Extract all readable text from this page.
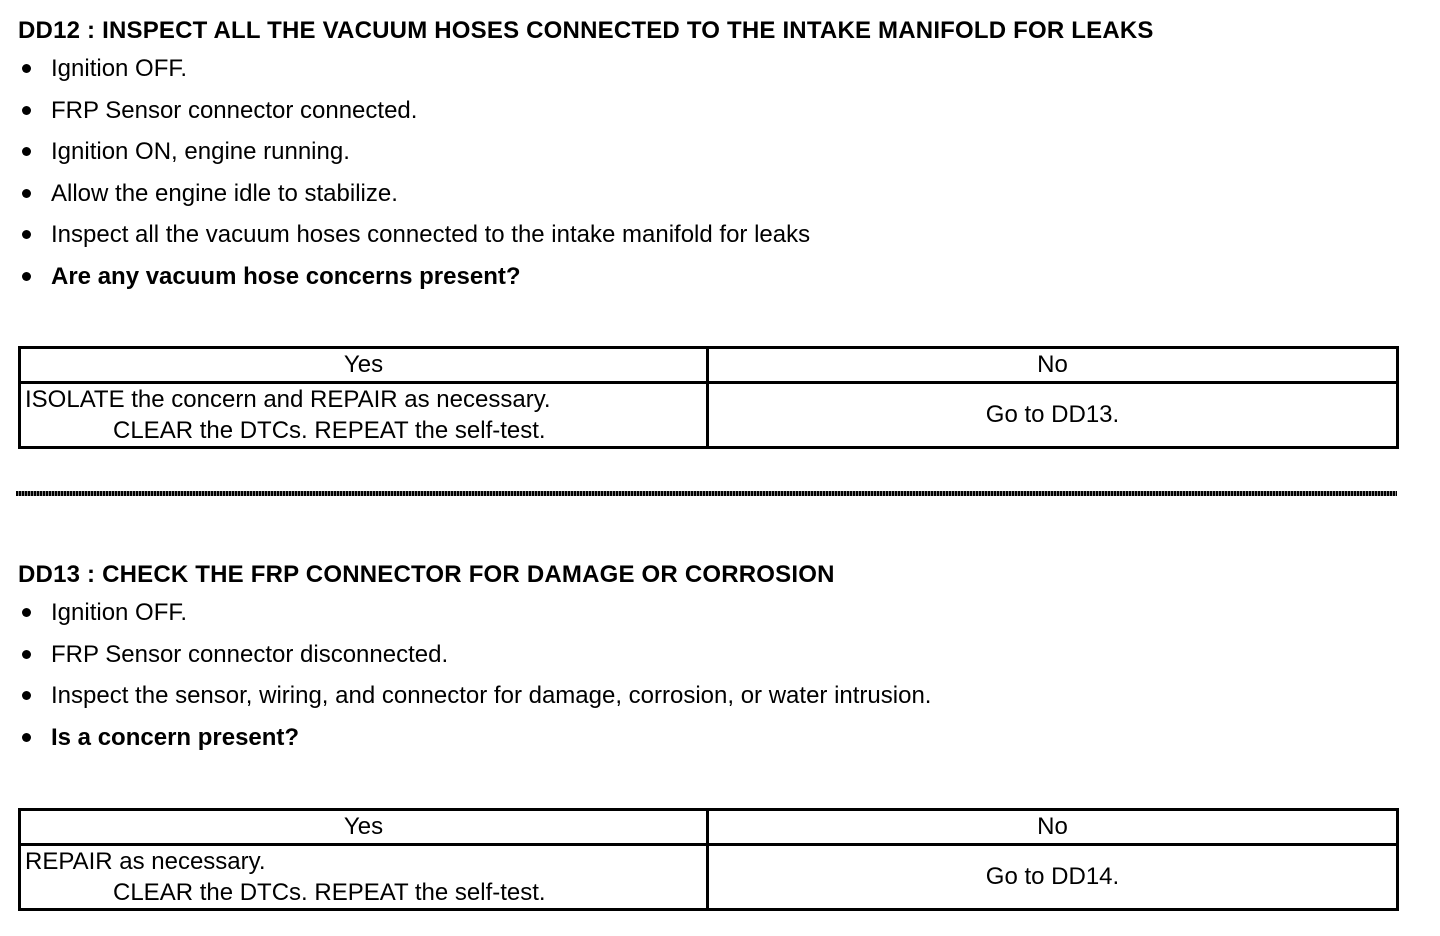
DD12 : INSPECT ALL THE VACUUM HOSES CONNECTED TO THE INTAKE MANIFOLD FOR LEAKS
Ignition OFF.
FRP Sensor connector connected.
Ignition ON, engine running.
Allow the engine idle to stabilize.
Inspect all the vacuum hoses connected to the intake manifold for leaks
Are any vacuum hose concerns present?
Yes	No

ISOLATE the concern and REPAIR as necessary.
CLEAR the DTCs. REPEAT the self-test.	Go to DD13.
DD13 : CHECK THE FRP CONNECTOR FOR DAMAGE OR CORROSION
Ignition OFF.
FRP Sensor connector disconnected.
Inspect the sensor, wiring, and connector for damage, corrosion, or water intrusion.
Is a concern present?
Yes	No

REPAIR as necessary.
CLEAR the DTCs. REPEAT the self-test.	Go to DD14.
